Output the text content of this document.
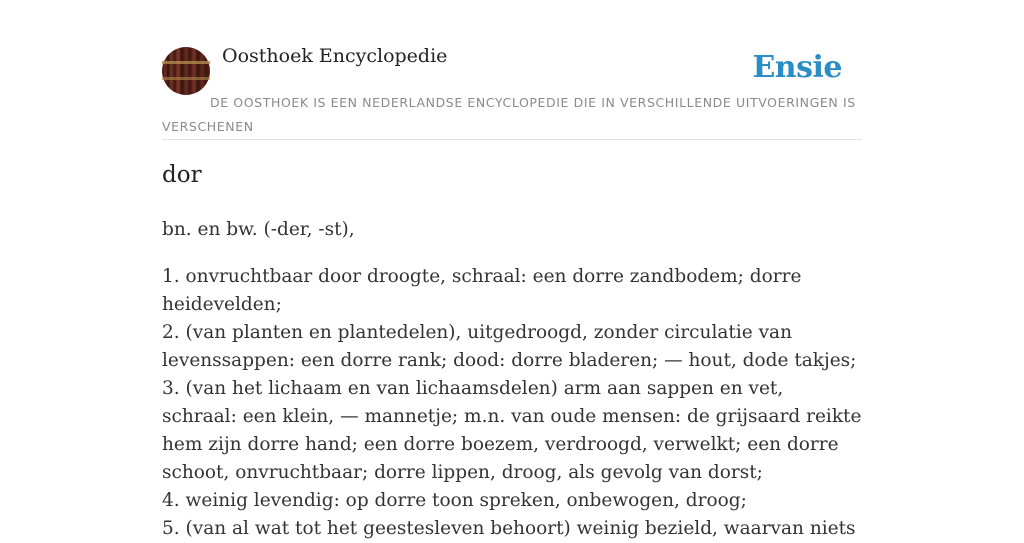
Oosthoek Encyclopedie	Ensie
DE OOSTHOEK IS EEN NEDERLANDSE ENCYCLOPEDIE DIE IN VERSCHILLENDE UITVOERINGEN IS VERSCHENEN
dor

bn. en bw. (-der, -st),

1. onvruchtbaar door droogte, schraal: een dorre zandbodem; dorre heidevelden;
2. (van planten en plantedelen), uitgedroogd, zonder circulatie van levenssappen: een dorre rank; dood: dorre bladeren; — hout, dode takjes;
3. (van het lichaam en van lichaamsdelen) arm aan sappen en vet, schraal: een klein, — mannetje; m.n. van oude mensen: de grijsaard reikte hem zijn dorre hand; een dorre boezem, verdroogd, verwelkt; een dorre schoot, onvruchtbaar; dorre lippen, droog, als gevolg van dorst;
4. weinig levendig: op dorre toon spreken, onbewogen, droog;
5. (van al wat tot het geestesleven behoort) weinig bezield, waarvan niets
